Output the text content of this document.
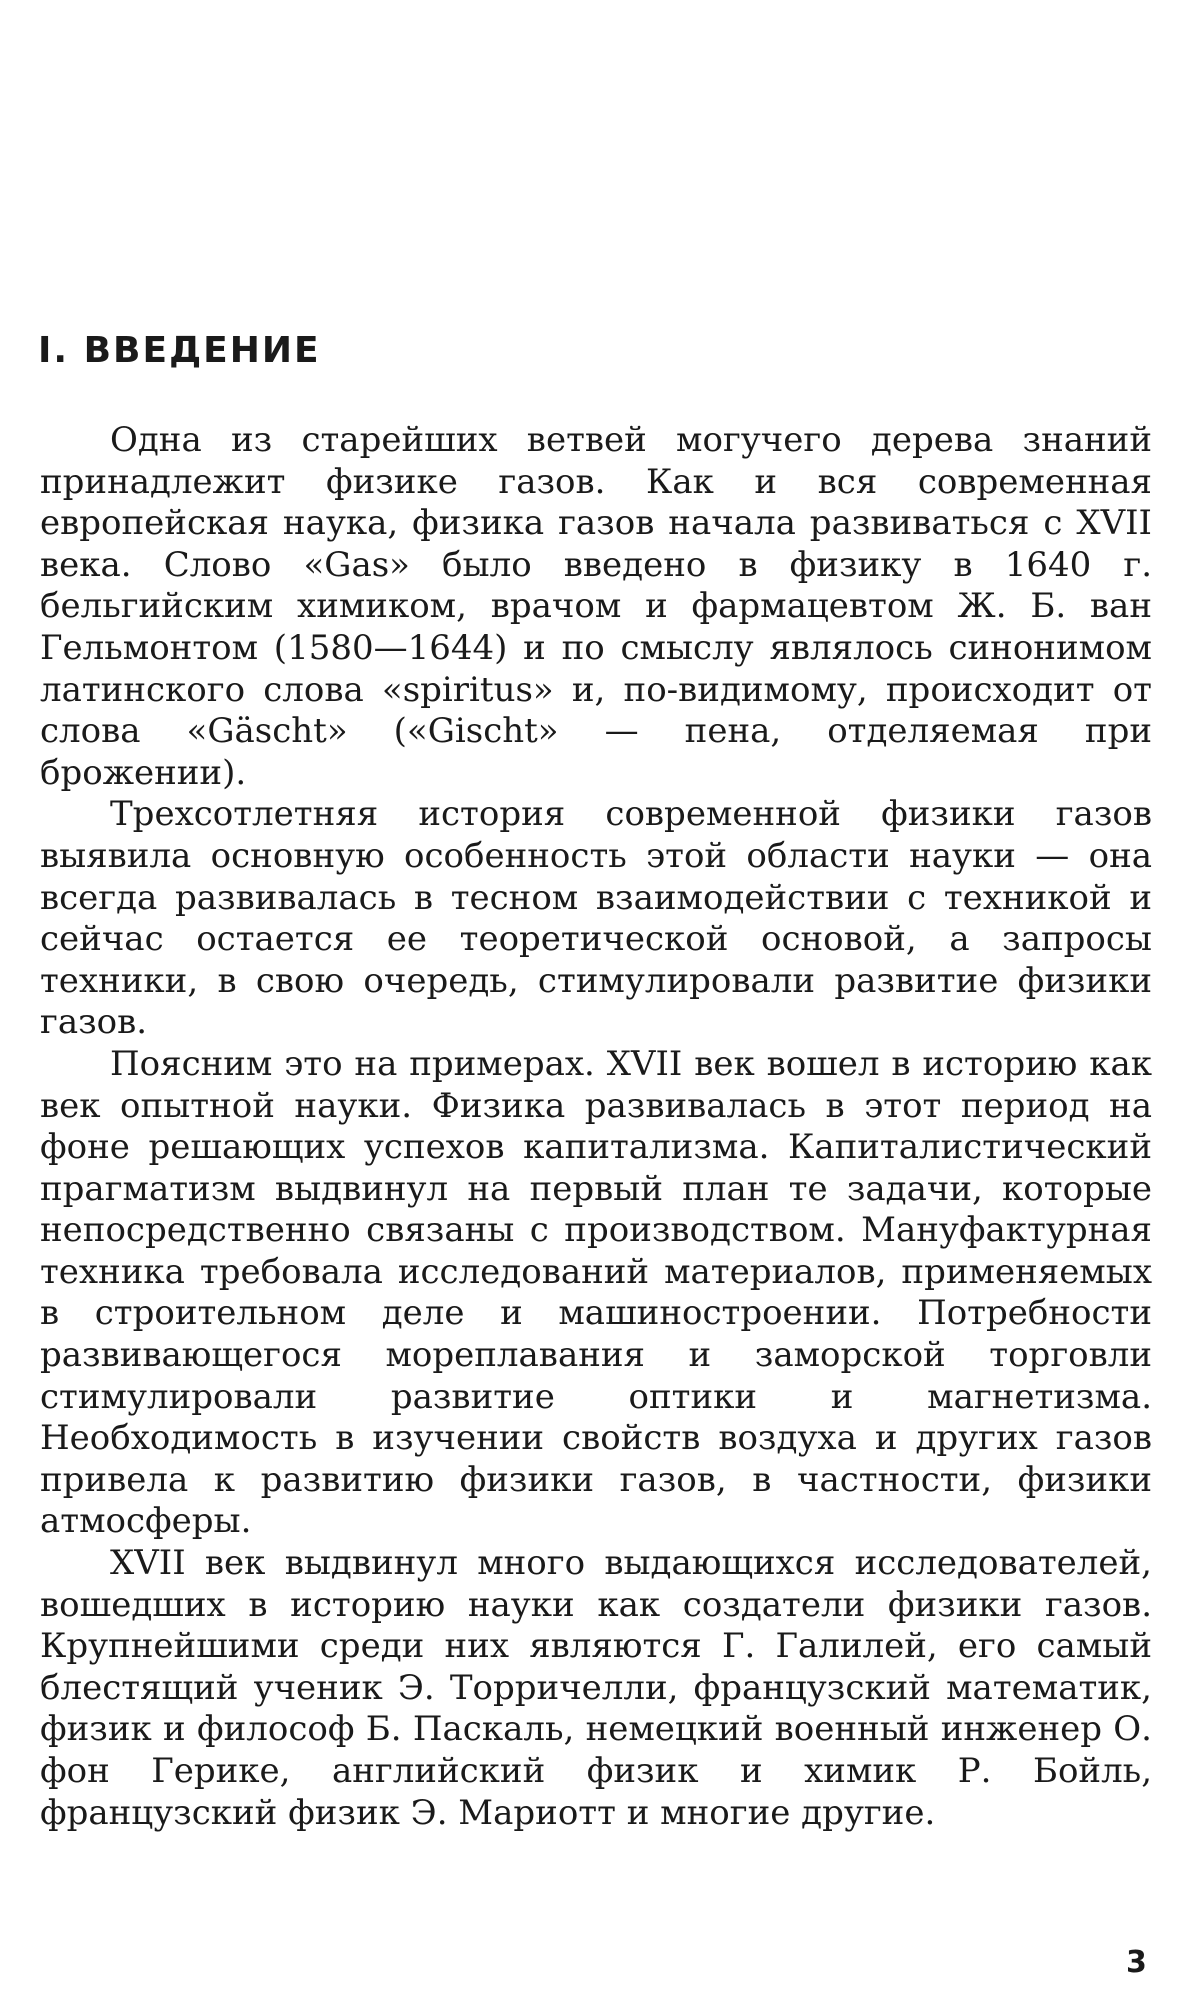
I. ВВЕДЕНИЕ

Одна из старейших ветвей могучего дерева знаний принадлежит физике газов. Как и вся современная европейская наука, физика газов начала развиваться с XVII века. Слово «Gas» было введено в физику в 1640 г. бельгийским химиком, врачом и фармацевтом Ж. Б. ван Гельмонтом (1580—1644) и по смыслу являлось синонимом латинского слова «spiritus» и, по-видимому, происходит от слова «Gäscht» («Gischt» — пена, отделяемая при брожении).

Трехсотлетняя история современной физики газов выявила основную особенность этой области науки — она всегда развивалась в тесном взаимодействии с техникой и сейчас остается ее теоретической основой, а запросы техники, в свою очередь, стимулировали развитие физики газов.

Поясним это на примерах. XVII век вошел в историю как век опытной науки. Физика развивалась в этот период на фоне решающих успехов капитализма. Капиталистический прагматизм выдвинул на первый план те задачи, которые непосредственно связаны с производством. Мануфактурная техника требовала исследований материалов, применяемых в строительном деле и машиностроении. Потребности развивающегося мореплавания и заморской торговли стимулировали развитие оптики и магнетизма. Необходимость в изучении свойств воздуха и других газов привела к развитию физики газов, в частности, физики атмосферы.

XVII век выдвинул много выдающихся исследователей, вошедших в историю науки как создатели физики газов. Крупнейшими среди них являются Г. Галилей, его самый блестящий ученик Э. Торричелли, французский математик, физик и философ Б. Паскаль, немецкий военный инженер О. фон Герике, английский физик и химик Р. Бойль, французский физик Э. Мариотт и многие другие.

3
